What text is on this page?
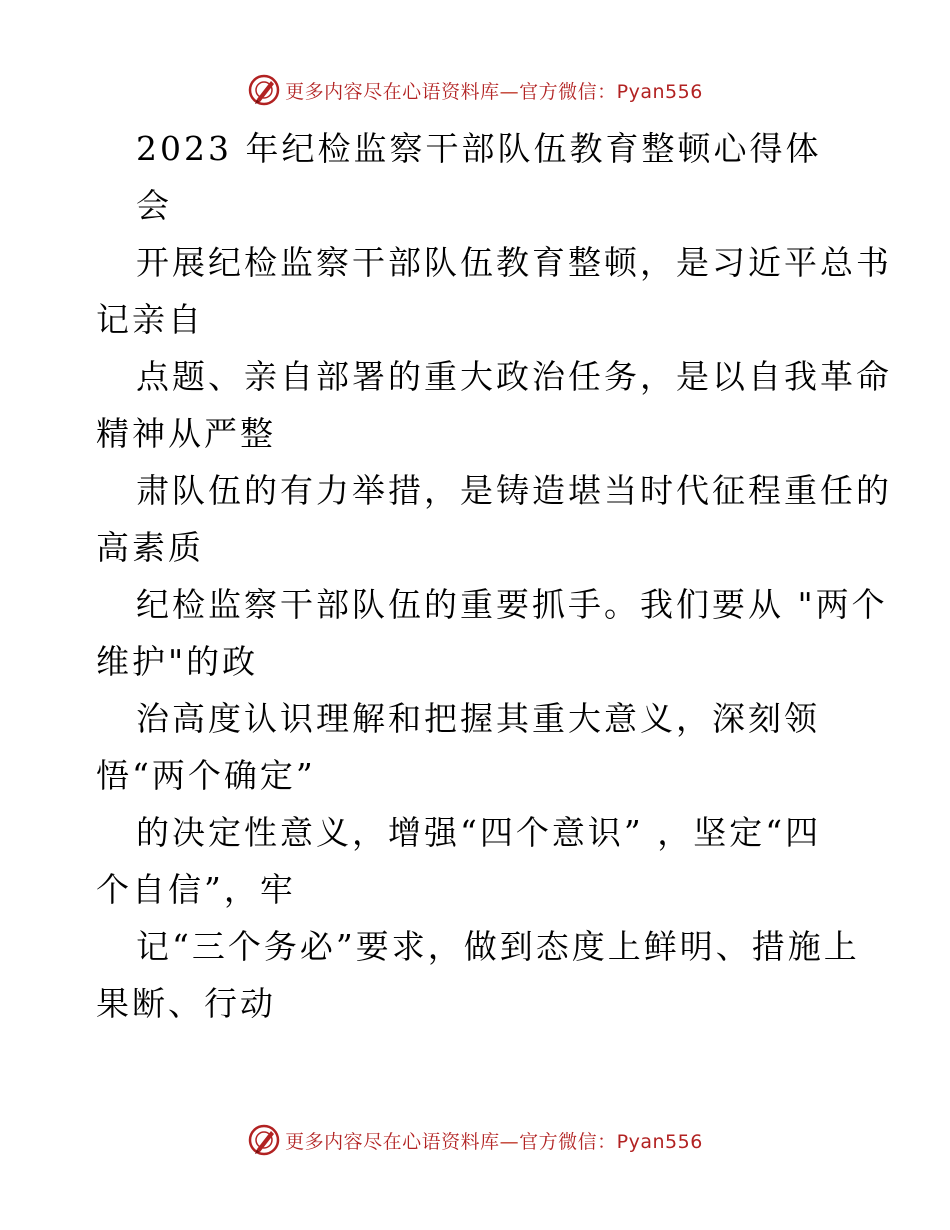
更多内容尽在心语资料库—官方微信：Pyan556
2023 年纪检监察干部队伍教育整顿心得体
会
开展纪检监察干部队伍教育整顿，是习近平总书
记亲自
点题、亲自部署的重大政治任务，是以自我革命
精神从严整
肃队伍的有力举措，是铸造堪当时代征程重任的
高素质
纪检监察干部队伍的重要抓手。我们要从 "两个
维护"的政
治高度认识理解和把握其重大意义，深刻领
悟“两个确定”
的决定性意义，增强“四个意识” ，坚定“四
个自信”，牢
记“三个务必”要求，做到态度上鲜明、措施上
果断、行动
更多内容尽在心语资料库—官方微信：Pyan556
